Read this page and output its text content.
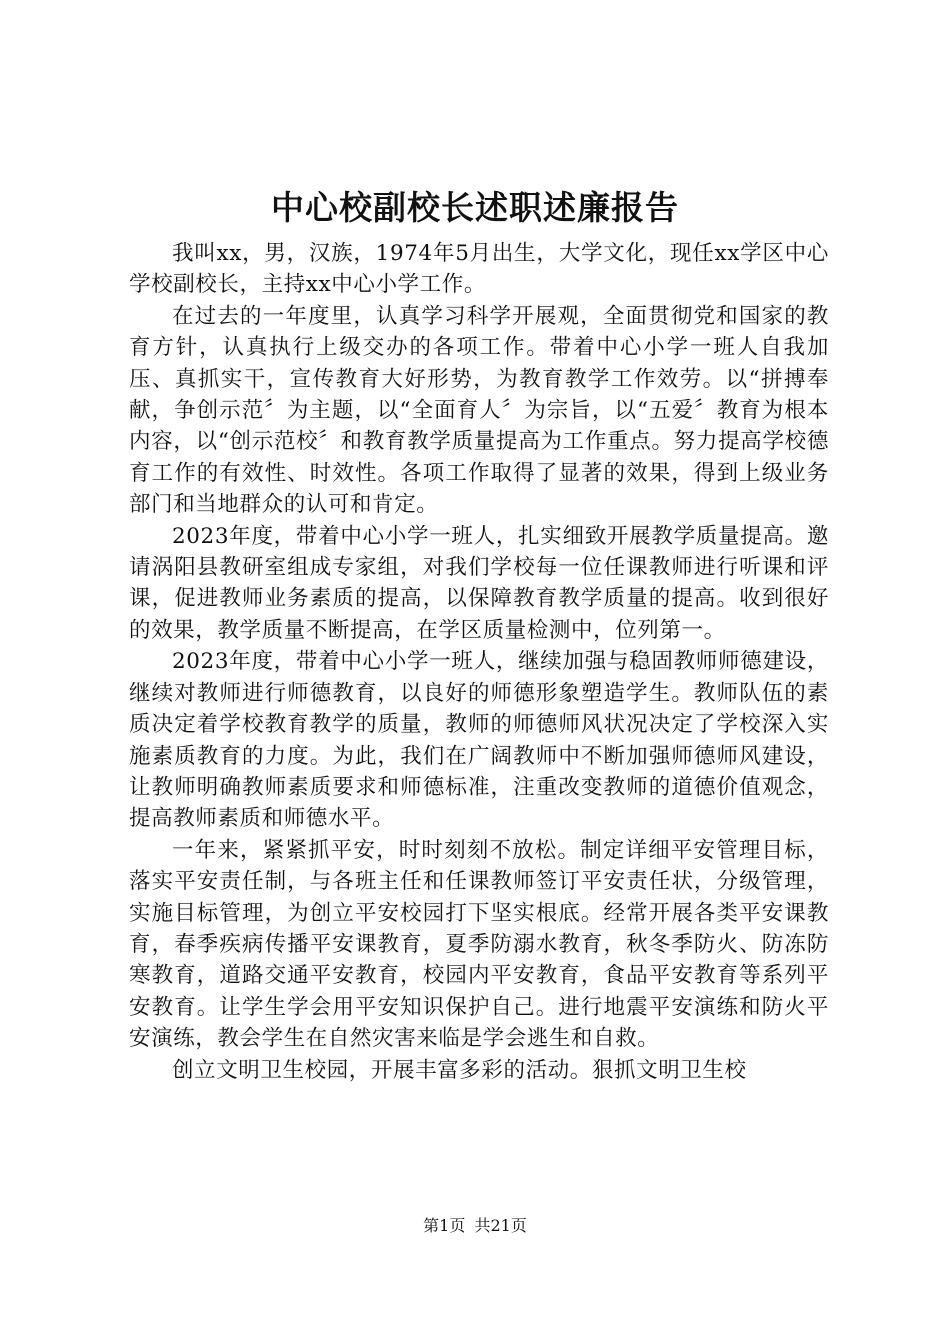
中心校副校长述职述廉报告

我叫xx，男，汉族，1974年5月出生，大学文化，现任xx学区中心学校副校长，主持xx中心小学工作。

在过去的一年度里，认真学习科学开展观，全面贯彻党和国家的教育方针，认真执行上级交办的各项工作。带着中心小学一班人自我加压、真抓实干，宣传教育大好形势，为教育教学工作效劳。以“拼搏奉献，争创示范〞为主题，以“全面育人〞为宗旨，以“五爱〞教育为根本内容，以“创示范校〞和教育教学质量提高为工作重点。努力提高学校德育工作的有效性、时效性。各项工作取得了显著的效果，得到上级业务部门和当地群众的认可和肯定。

2023年度，带着中心小学一班人，扎实细致开展教学质量提高。邀请涡阳县教研室组成专家组，对我们学校每一位任课教师进行听课和评课，促进教师业务素质的提高，以保障教育教学质量的提高。收到很好的效果，教学质量不断提高，在学区质量检测中，位列第一。

2023年度，带着中心小学一班人，继续加强与稳固教师师德建设，继续对教师进行师德教育，以良好的师德形象塑造学生。教师队伍的素质决定着学校教育教学的质量，教师的师德师风状况决定了学校深入实施素质教育的力度。为此，我们在广阔教师中不断加强师德师风建设，让教师明确教师素质要求和师德标准，注重改变教师的道德价值观念，提高教师素质和师德水平。

一年来，紧紧抓平安，时时刻刻不放松。制定详细平安管理目标，落实平安责任制，与各班主任和任课教师签订平安责任状，分级管理，实施目标管理，为创立平安校园打下坚实根底。经常开展各类平安课教育，春季疾病传播平安课教育，夏季防溺水教育，秋冬季防火、防冻防寒教育，道路交通平安教育，校园内平安教育，食品平安教育等系列平安教育。让学生学会用平安知识保护自己。进行地震平安演练和防火平安演练，教会学生在自然灾害来临是学会逃生和自救。

创立文明卫生校园，开展丰富多彩的活动。狠抓文明卫生校

第1页 共21页
